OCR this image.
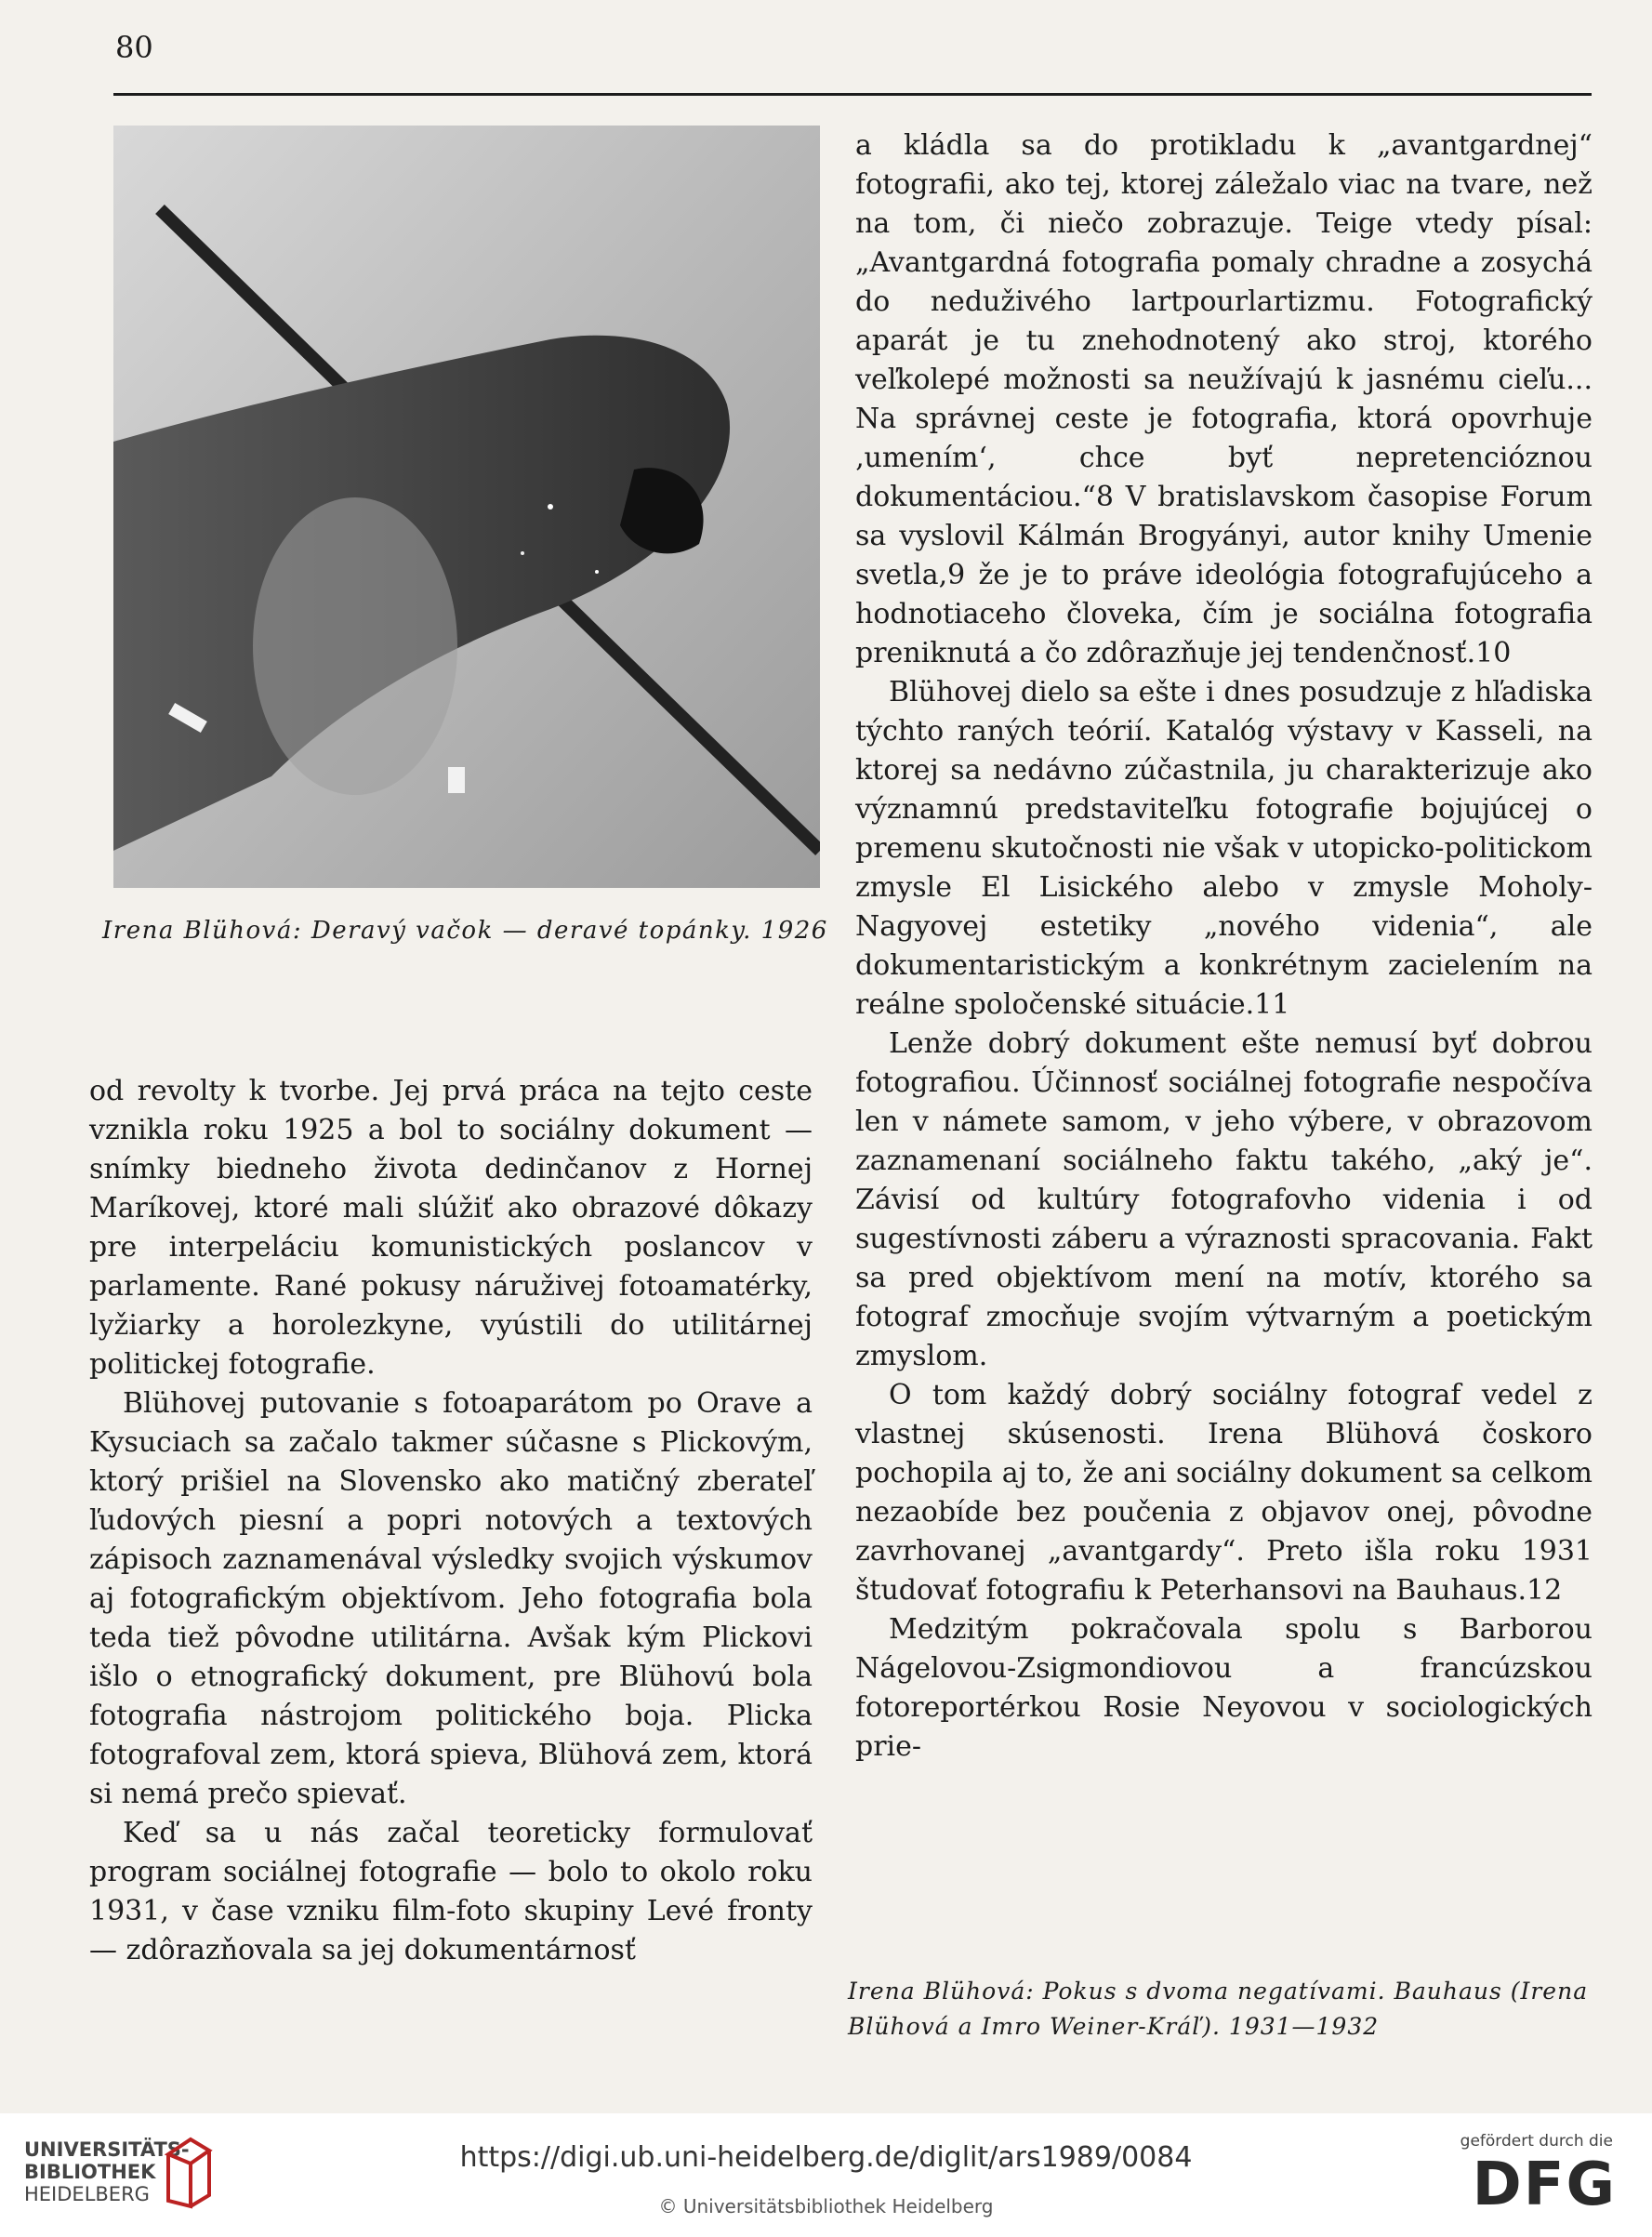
80
Irena Blühová: Deravý vačok — deravé topánky. 1926

od revolty k tvorbe. Jej prvá práca na tejto ceste vznikla roku 1925 a bol to sociálny dokument — snímky biedneho života dedinčanov z Hornej Maríkovej, ktoré mali slúžiť ako obrazové dôkazy pre interpeláciu komunistických poslancov v parlamente. Rané pokusy náruživej fotoamatérky, lyžiarky a horolezkyne, vyústili do utilitárnej politickej fotografie.

Blühovej putovanie s fotoaparátom po Orave a Kysuciach sa začalo takmer súčasne s Plickovým, ktorý prišiel na Slovensko ako matičný zberateľ ľudových piesní a popri notových a textových zápisoch zaznamenával výsledky svojich výskumov aj fotografickým objektívom. Jeho fotografia bola teda tiež pôvodne utilitárna. Avšak kým Plickovi išlo o etnografický dokument, pre Blühovú bola fotografia nástrojom politického boja. Plicka fotografoval zem, ktorá spieva, Blühová zem, ktorá si nemá prečo spievať.

Keď sa u nás začal teoreticky formulovať program sociálnej fotografie — bolo to okolo roku 1931, v čase vzniku film-foto skupiny Levé fronty — zdôrazňovala sa jej dokumentárnosť

a kládla sa do protikladu k „avantgardnej“ fotografii, ako tej, ktorej záležalo viac na tvare, než na tom, či niečo zobrazuje. Teige vtedy písal: „Avantgardná fotografia pomaly chradne a zosychá do neduživého lartpourlartizmu. Fotografický aparát je tu znehodnotený ako stroj, ktorého veľkolepé možnosti sa neužívajú k jasnému cieľu... Na správnej ceste je fotografia, ktorá opovrhuje ‚umením‘, chce byť nepretencióznou dokumentáciou.“8 V bratislavskom časopise Forum sa vyslovil Kálmán Brogyányi, autor knihy Umenie svetla,9 že je to práve ideológia fotografujúceho a hodnotiaceho človeka, čím je sociálna fotografia preniknutá a čo zdôrazňuje jej tendenčnosť.10

Blühovej dielo sa ešte i dnes posudzuje z hľadiska týchto raných teórií. Katalóg výstavy v Kasseli, na ktorej sa nedávno zúčastnila, ju charakterizuje ako významnú predstaviteľku fotografie bojujúcej o premenu skutočnosti nie však v utopicko-politickom zmysle El Lisického alebo v zmysle Moholy-Nagyovej estetiky „nového videnia“, ale dokumentaristickým a konkrétnym zacielením na reálne spoločenské situácie.11

Lenže dobrý dokument ešte nemusí byť dobrou fotografiou. Účinnosť sociálnej fotografie nespočíva len v námete samom, v jeho výbere, v obrazovom zaznamenaní sociálneho faktu takého, „aký je“. Závisí od kultúry fotografovho videnia i od sugestívnosti záberu a výraznosti spracovania. Fakt sa pred objektívom mení na motív, ktorého sa fotograf zmocňuje svojím výtvarným a poetickým zmyslom.

O tom každý dobrý sociálny fotograf vedel z vlastnej skúsenosti. Irena Blühová čoskoro pochopila aj to, že ani sociálny dokument sa celkom nezaobíde bez poučenia z objavov onej, pôvodne zavrhovanej „avantgardy“. Preto išla roku 1931 študovať fotografiu k Peterhansovi na Bauhaus.12

Medzitým pokračovala spolu s Barborou Nágelovou-Zsigmondiovou a francúzskou fotoreportérkou Rosie Neyovou v sociologických prie-

Irena Blühová: Pokus s dvoma negatívami. Bauhaus (Irena Blühová a Imro Weiner-Kráľ). 1931—1932
UNIVERSITÄTS-
BIBLIOTHEK
HEIDELBERG
https://digi.ub.uni-heidelberg.de/diglit/ars1989/0084
© Universitätsbibliothek Heidelberg
gefördert durch die
DFG
